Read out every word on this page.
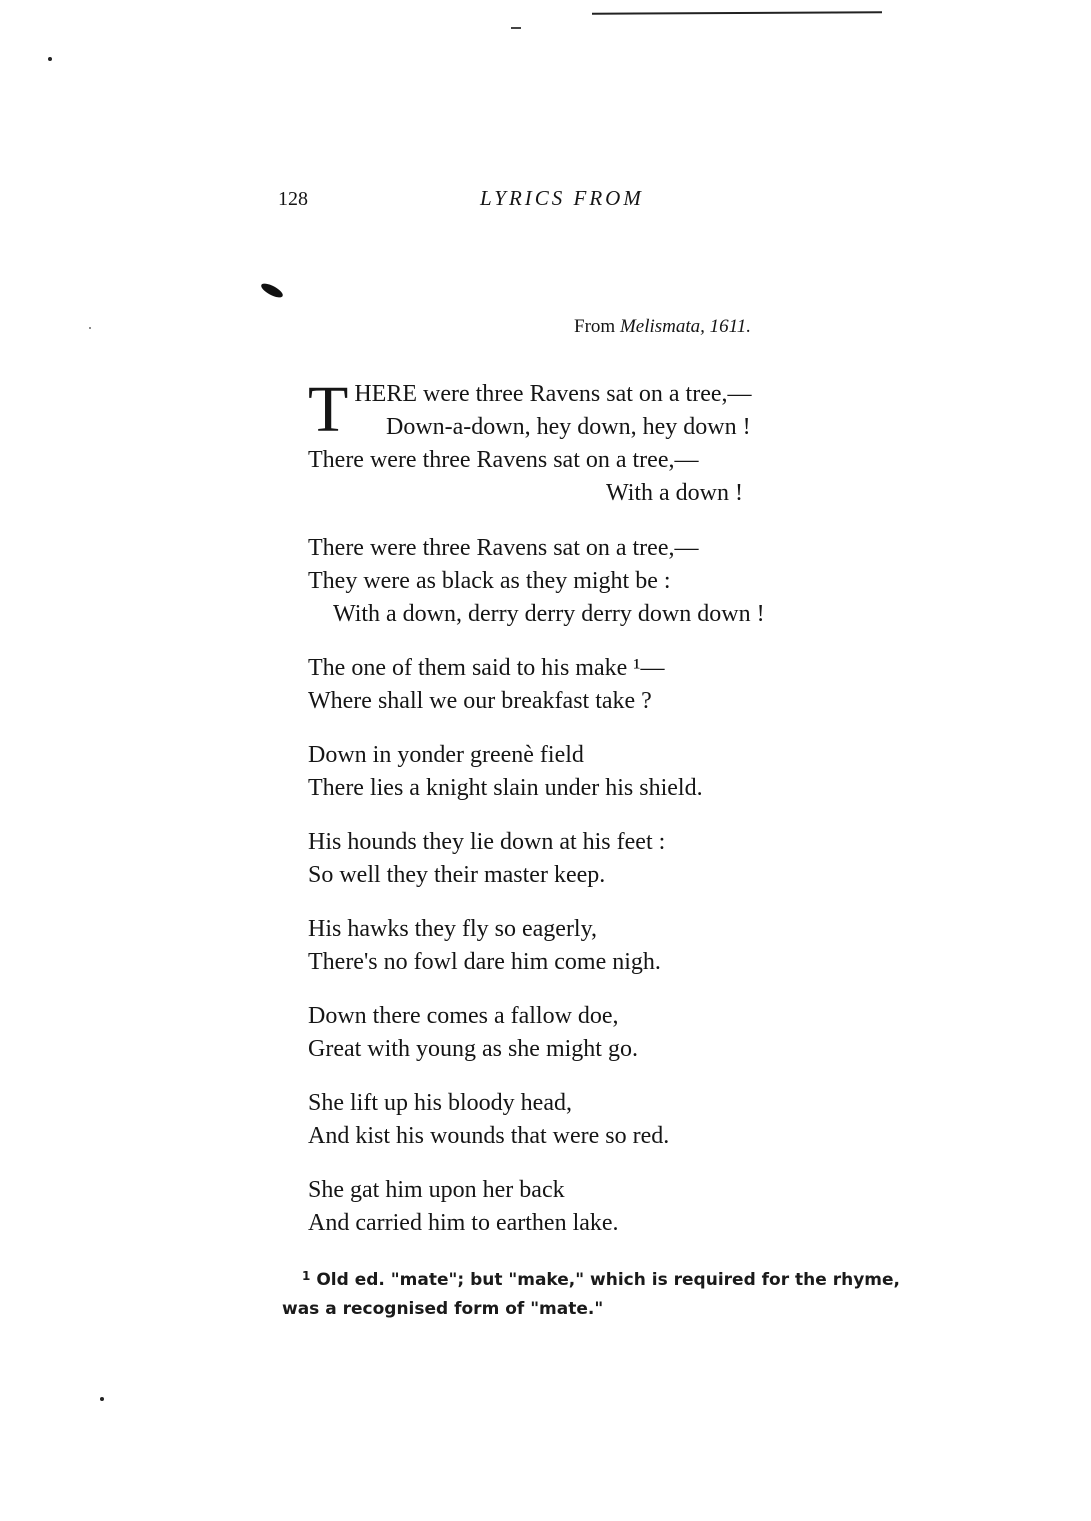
128	LYRICS FROM
From Melismata, 1611.
T HERE were three Ravens sat on a tree,—
Down-a-down, hey down, hey down !
There were three Ravens sat on a tree,—
With a down !
There were three Ravens sat on a tree,—
They were as black as they might be :
With a down, derry derry derry down down !
The one of them said to his make ¹—
Where shall we our breakfast take ?
Down in yonder greenè field
There lies a knight slain under his shield.
His hounds they lie down at his feet :
So well they their master keep.
His hawks they fly so eagerly,
There's no fowl dare him come nigh.
Down there comes a fallow doe,
Great with young as she might go.
She lift up his bloody head,
And kist his wounds that were so red.
She gat him upon her back
And carried him to earthen lake.
$^1$ Old ed. "mate"; but "make," which is required for the rhyme, was a recognised form of "mate."
